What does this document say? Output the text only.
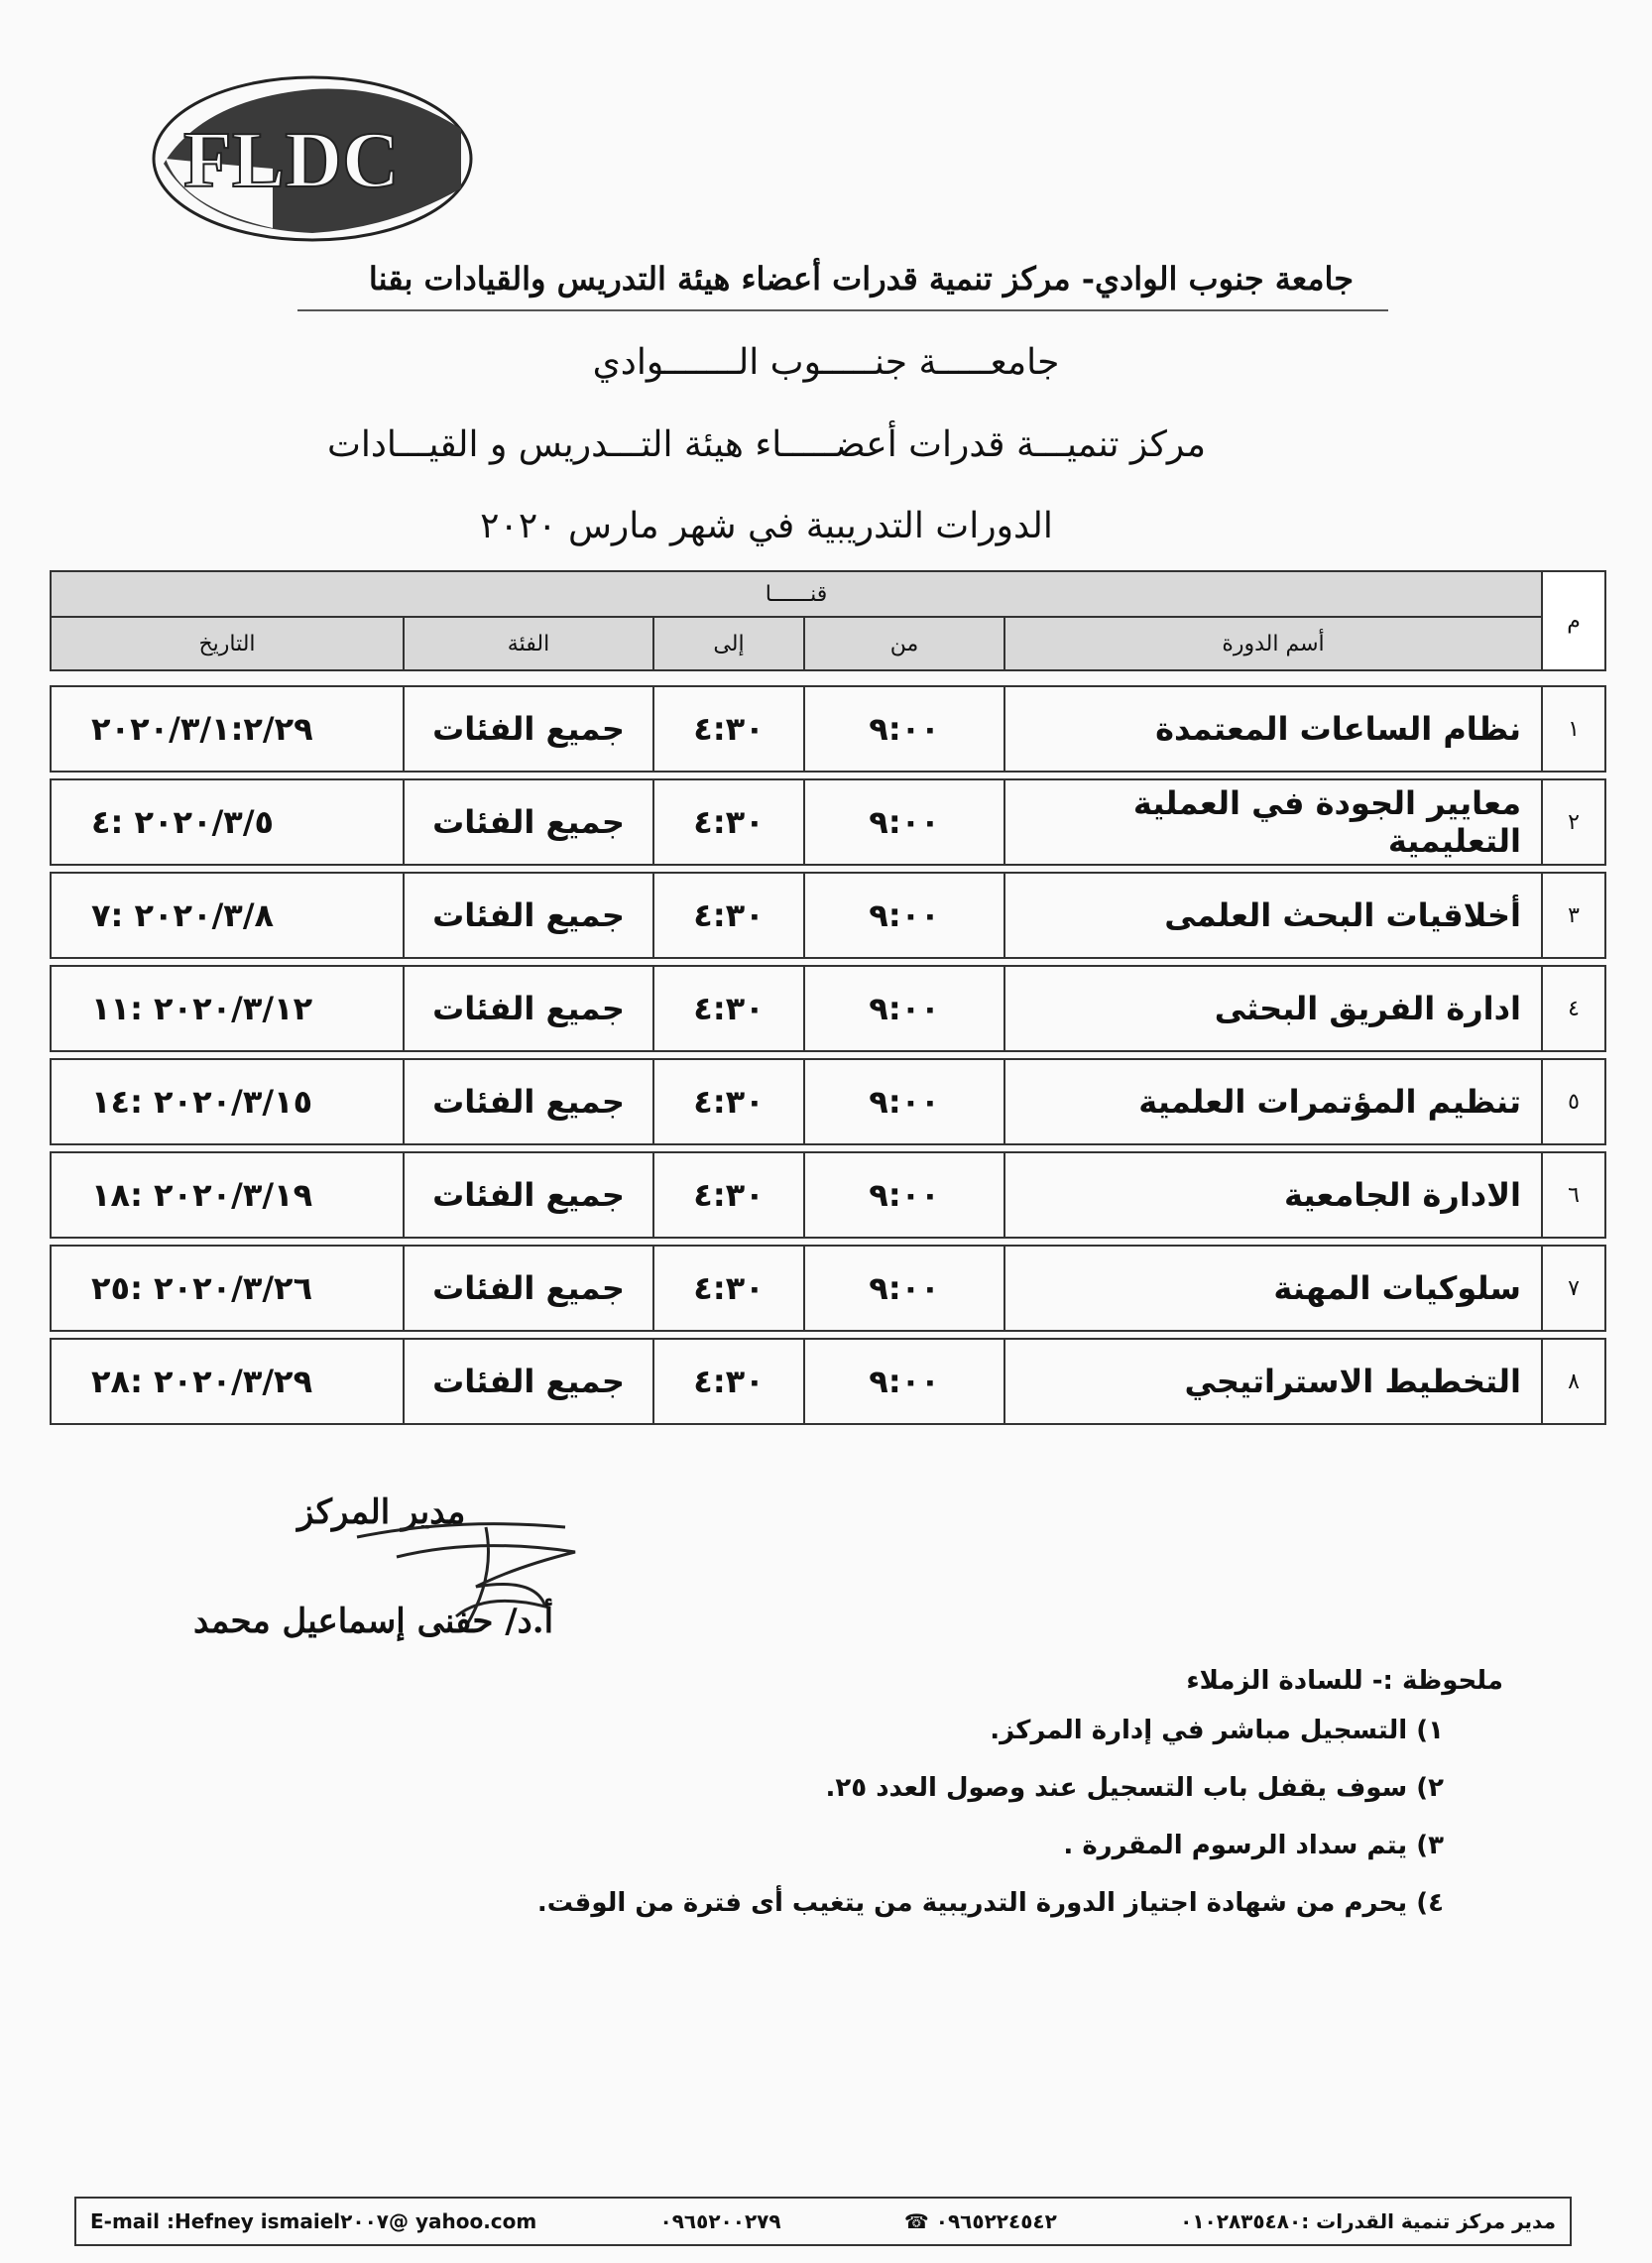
FLDC
جامعة جنوب الوادي- مركز تنمية قدرات أعضاء هيئة التدريس والقيادات بقنا
جامعـــــة جنـــــوب الـــــــوادي
مركز تنميـــة قدرات أعضـــــاء هيئة التـــدريس و القيـــادات
الدورات التدريبية في شهر مارس ٢٠٢٠
م	قنــــــا				
	أسم الدورة	من	إلى	الفئة	التاريخ

١	نظام الساعات المعتمدة	٩:٠٠	٤:٣٠	جميع الفئات	٢٠٢٠/٣/١:٢/٢٩

٢	معايير الجودة في العملية التعليمية	٩:٠٠	٤:٣٠	جميع الفئات	٢٠٢٠/٣/٥ :٤

٣	أخلاقيات البحث العلمى	٩:٠٠	٤:٣٠	جميع الفئات	٢٠٢٠/٣/٨ :٧

٤	ادارة الفريق البحثى	٩:٠٠	٤:٣٠	جميع الفئات	٢٠٢٠/٣/١٢ :١١

٥	تنظيم المؤتمرات العلمية	٩:٠٠	٤:٣٠	جميع الفئات	٢٠٢٠/٣/١٥ :١٤

٦	الادارة الجامعية	٩:٠٠	٤:٣٠	جميع الفئات	٢٠٢٠/٣/١٩ :١٨

٧	سلوكيات المهنة	٩:٠٠	٤:٣٠	جميع الفئات	٢٠٢٠/٣/٢٦ :٢٥

٨	التخطيط الاستراتيجي	٩:٠٠	٤:٣٠	جميع الفئات	٢٠٢٠/٣/٢٩ :٢٨
مدير المركز
أ.د/ حفنى إسماعيل محمد
ملحوظة :- للسادة الزملاء
١) التسجيل مباشر في إدارة المركز.
٢) سوف يقفل باب التسجيل عند وصول العدد ٢٥.
٣) يتم سداد الرسوم المقررة .
٤) يحرم من شهادة اجتياز الدورة التدريبية من يتغيب أى فترة من الوقت.
E-mail :Hefney ismaiel٢٠٠٧@ yahoo.com	٠٩٦٥٢٠٠٢٧٩	☎ ٠٩٦٥٢٢٤٥٤٢	مدير مركز تنمية القدرات :٠١٠٢٨٣٥٤٨٠
